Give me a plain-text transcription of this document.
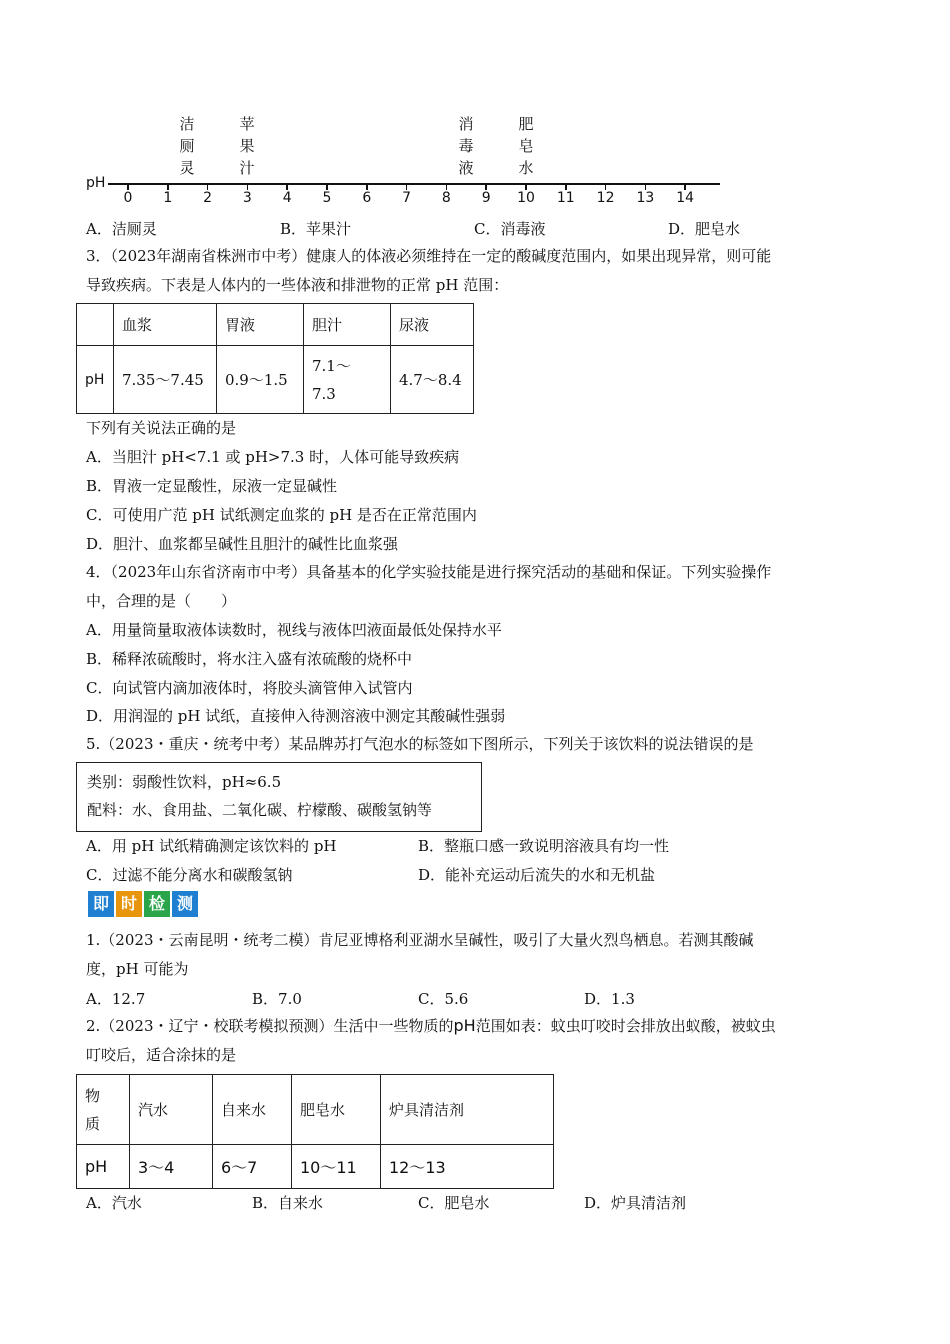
洁
厕
灵
苹
果
汁
消
毒
液
肥
皂
水
pH
0	1	2	3	4	5	6	7	8	9	10 11 12 13 14
A．洁厕灵	B．苹果汁	C．消毒液	D．肥皂水
3．（2023年湖南省株洲市中考）健康人的体液必须维持在一定的酸碱度范围内，如果出现异常，则可能
导致疾病。下表是人体内的一些体液和排泄物的正常 pH 范围：
	血浆	胃液	胆汁	尿液
pH	7.35～7.45	0.9～1.5	7.1～
7.3	4.7～8.4
下列有关说法正确的是
A．当胆汁 pH<7.1 或 pH>7.3 时，人体可能导致疾病
B．胃液一定显酸性，尿液一定显碱性
C．可使用广范 pH 试纸测定血浆的 pH 是否在正常范围内
D．胆汁、血浆都呈碱性且胆汁的碱性比血浆强
4．（2023年山东省济南市中考）具备基本的化学实验技能是进行探究活动的基础和保证。下列实验操作
中，合理的是（　　）
A．用量筒量取液体读数时，视线与液体凹液面最低处保持水平
B．稀释浓硫酸时，将水注入盛有浓硫酸的烧杯中
C．向试管内滴加液体时，将胶头滴管伸入试管内
D．用润湿的 pH 试纸，直接伸入待测溶液中测定其酸碱性强弱
5.（2023・重庆・统考中考）某品牌苏打气泡水的标签如下图所示，下列关于该饮料的说法错误的是
类别：弱酸性饮料，pH≈6.5
配料：水、食用盐、二氧化碳、柠檬酸、碳酸氢钠等
A．用 pH 试纸精确测定该饮料的 pH	B．整瓶口感一致说明溶液具有均一性
C．过滤不能分离水和碳酸氢钠	D．能补充运动后流失的水和无机盐
即 时 检 测
1.（2023・云南昆明・统考二模）肯尼亚博格利亚湖水呈碱性，吸引了大量火烈鸟栖息。若测其酸碱
度，pH 可能为
A．12.7	B．7.0	C．5.6	D．1.3
2.（2023・辽宁・校联考模拟预测）生活中一些物质的pH范围如表：蚊虫叮咬时会排放出蚁酸，被蚊虫
叮咬后，适合涂抹的是
物
质	汽水	自来水	肥皂水	炉具清洁剂
pH	3～4	6～7	10～11	12～13
A．汽水	B．自来水	C．肥皂水	D．炉具清洁剂
